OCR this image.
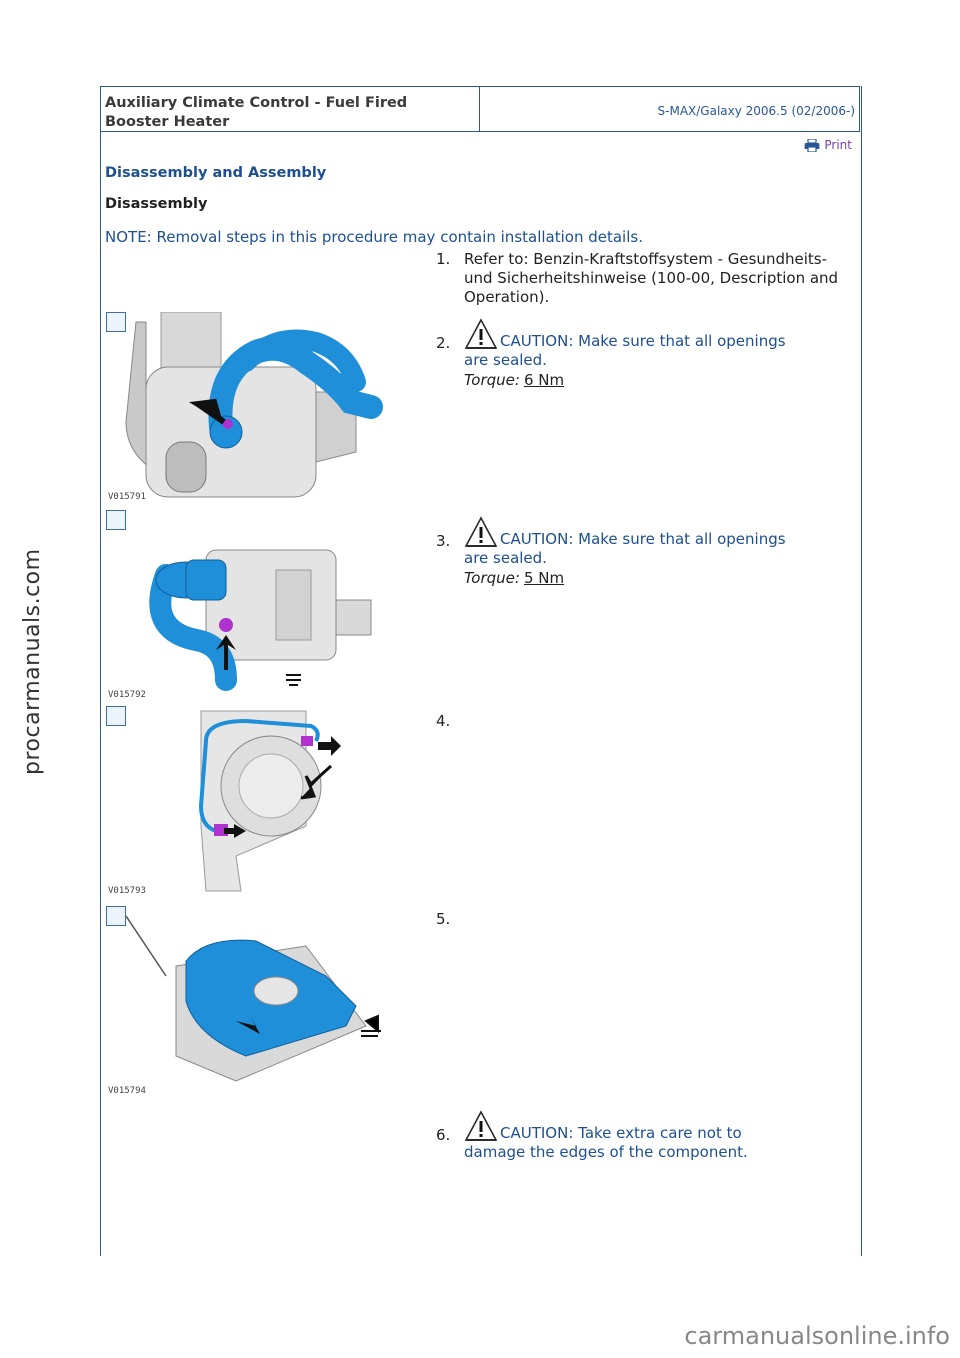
Auxiliary Climate Control - Fuel Fired
Booster Heater
S-MAX/Galaxy 2006.5 (02/2006-)
Print
Disassembly and Assembly
Disassembly
NOTE: Removal steps in this procedure may contain installation details.
1. Refer to: Benzin-Kraftstoffsystem - Gesundheits- und Sicherheitshinweise (100-00, Description and Operation).
V015791
2.	CAUTION: Make sure that all openings
are sealed.
Torque: 6 Nm
V015792
3.	CAUTION: Make sure that all openings
are sealed.
Torque: 5 Nm
V015793
4.
V015794
5.
6.	CAUTION: Take extra care not to
damage the edges of the component.
procarmanuals.com
carmanualsonline.info
